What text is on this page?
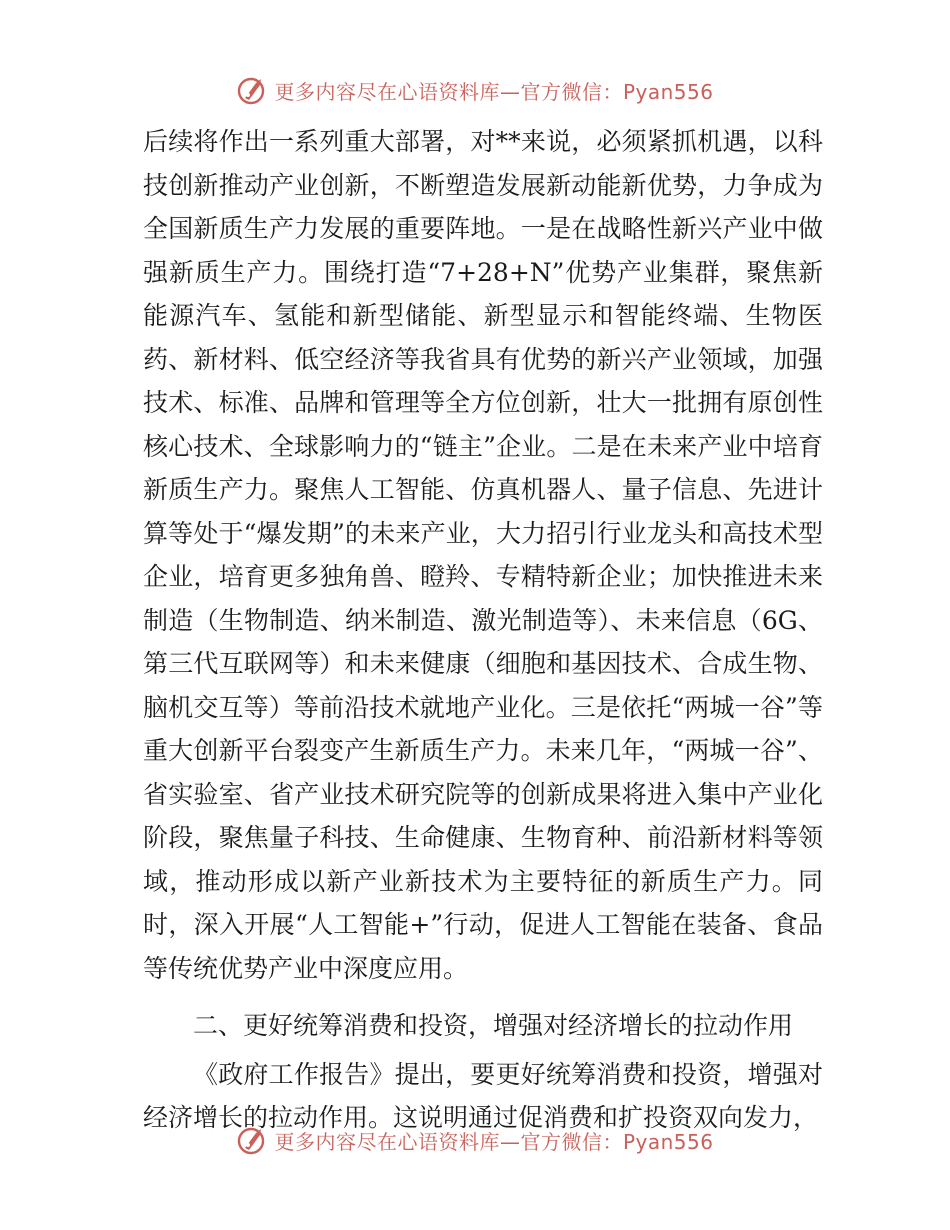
更多内容尽在心语资料库—官方微信：Pyan556

后续将作出一系列重大部署，对**来说，必须紧抓机遇，以科技创新推动产业创新，不断塑造发展新动能新优势，力争成为全国新质生产力发展的重要阵地。一是在战略性新兴产业中做强新质生产力。围绕打造“7+28+N”优势产业集群，聚焦新能源汽车、氢能和新型储能、新型显示和智能终端、生物医药、新材料、低空经济等我省具有优势的新兴产业领域，加强技术、标准、品牌和管理等全方位创新，壮大一批拥有原创性核心技术、全球影响力的“链主”企业。二是在未来产业中培育新质生产力。聚焦人工智能、仿真机器人、量子信息、先进计算等处于“爆发期”的未来产业，大力招引行业龙头和高技术型企业，培育更多独角兽、瞪羚、专精特新企业；加快推进未来制造（生物制造、纳米制造、激光制造等）、未来信息（6G、第三代互联网等）和未来健康（细胞和基因技术、合成生物、脑机交互等）等前沿技术就地产业化。三是依托“两城一谷”等重大创新平台裂变产生新质生产力。未来几年，“两城一谷”、省实验室、省产业技术研究院等的创新成果将进入集中产业化阶段，聚焦量子科技、生命健康、生物育种、前沿新材料等领域，推动形成以新产业新技术为主要特征的新质生产力。同时，深入开展“人工智能+”行动，促进人工智能在装备、食品等传统优势产业中深度应用。

二、更好统筹消费和投资，增强对经济增长的拉动作用

《政府工作报告》提出，要更好统筹消费和投资，增强对经济增长的拉动作用。这说明通过促消费和扩投资双向发力，

更多内容尽在心语资料库—官方微信：Pyan556
